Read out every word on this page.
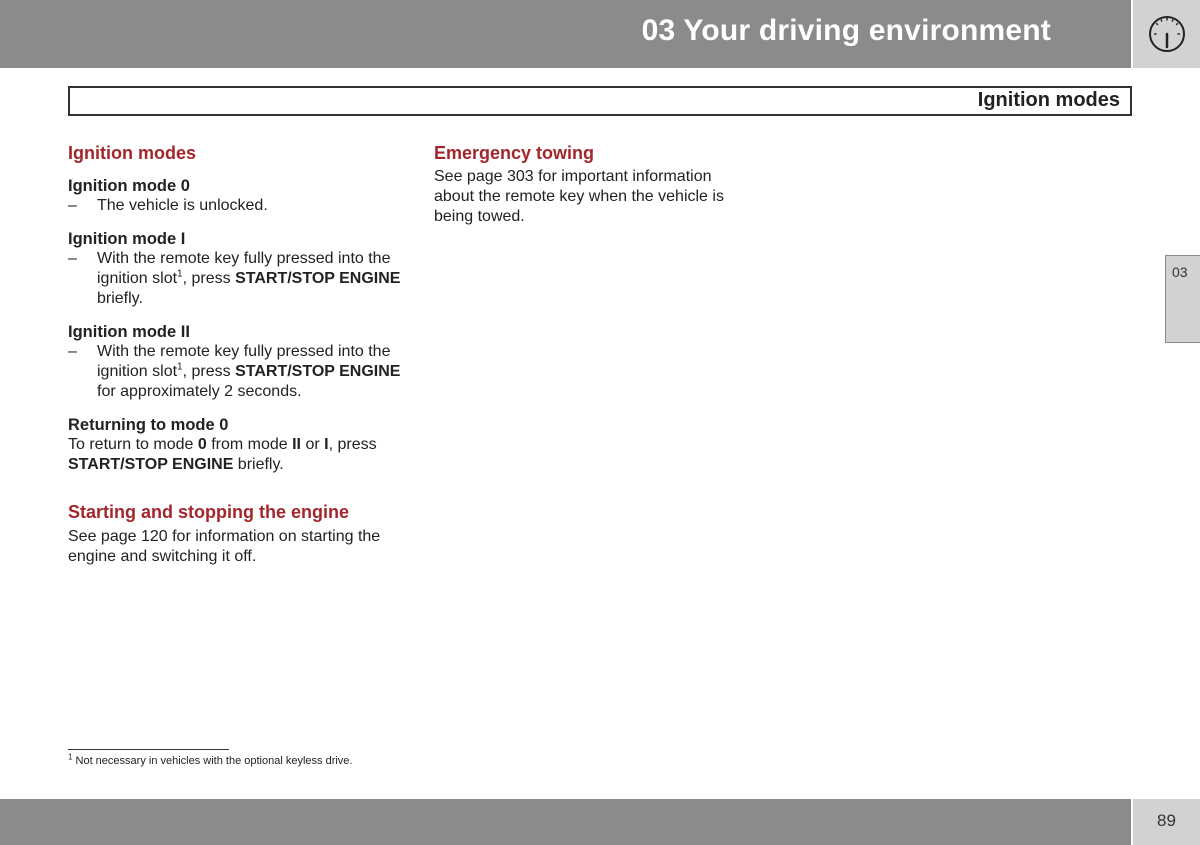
03 Your driving environment
Ignition modes
Ignition modes

Ignition mode 0

– The vehicle is unlocked.

Ignition mode I

– With the remote key fully pressed into the ignition slot$^1$, press START/STOP ENGINE briefly.

Ignition mode II

– With the remote key fully pressed into the ignition slot$^1$, press START/STOP ENGINE for approximately 2 seconds.

Returning to mode 0

To return to mode 0 from mode II or I, press START/STOP ENGINE briefly.

Starting and stopping the engine

See page 120 for information on starting the engine and switching it off.

Emergency towing

See page 303 for important information about the remote key when the vehicle is being towed.

$^1$ Not necessary in vehicles with the optional keyless drive.
03
89
